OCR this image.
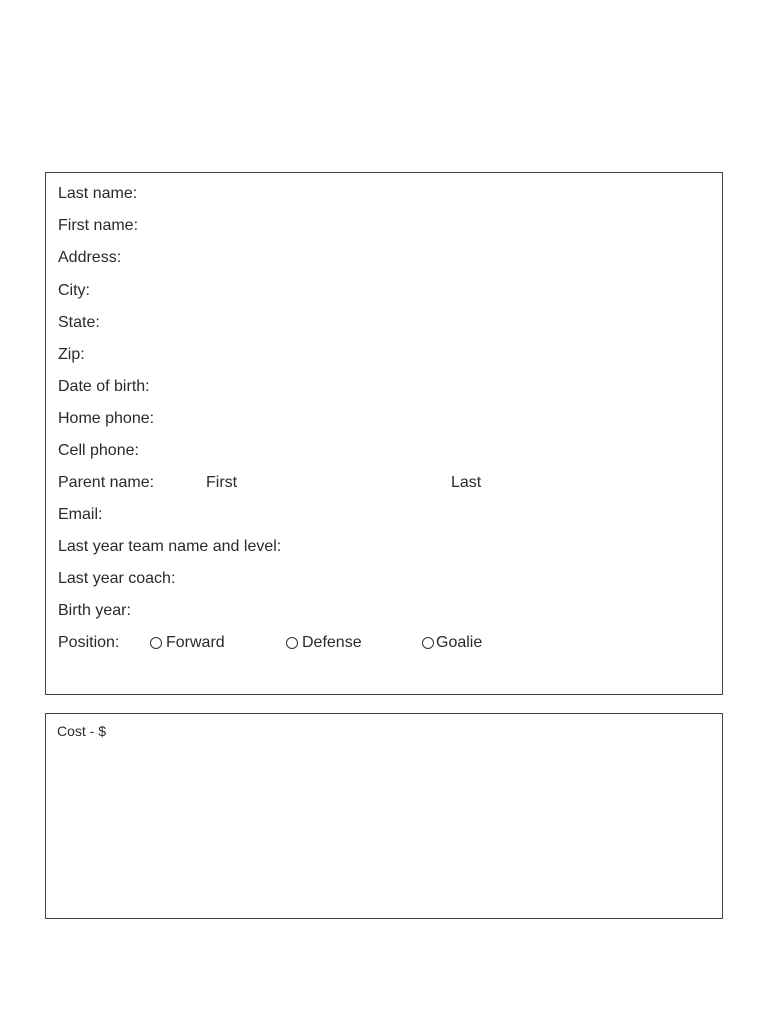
Last name:
First name:
Address:
City:
State:
Zip:
Date of birth:
Home phone:
Cell phone:
Parent name:	First	Last
Email:
Last year team name and level:
Last year coach:
Birth year:
Position:	Forward	Defense	Goalie
Cost - $
